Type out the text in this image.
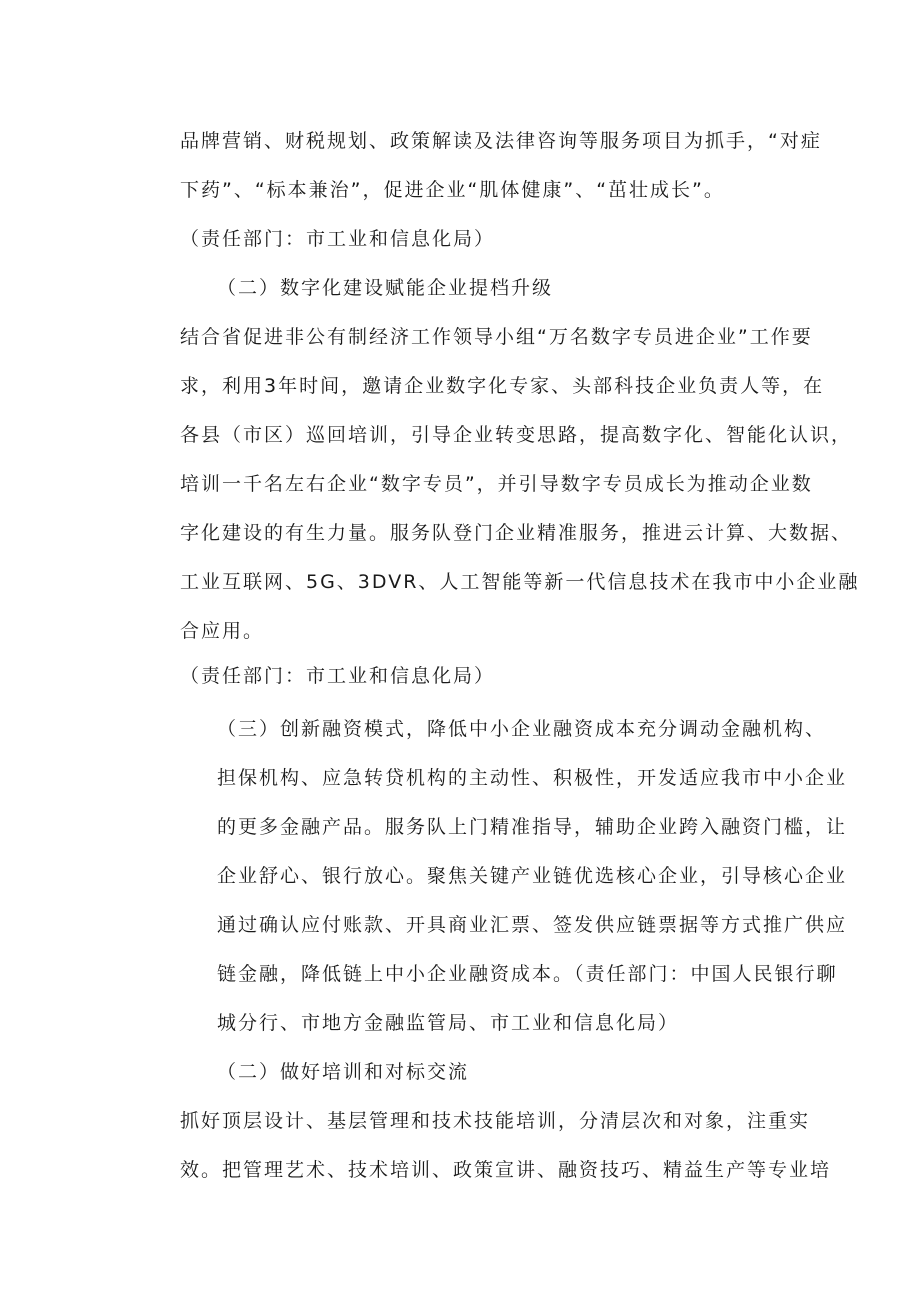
品牌营销、财税规划、政策解读及法律咨询等服务项目为抓手，“对症

下药”、“标本兼治”，促进企业“肌体健康”、“茁壮成长”。

（责任部门：市工业和信息化局）

（二）数字化建设赋能企业提档升级

结合省促进非公有制经济工作领导小组“万名数字专员进企业”工作要

求，利用3年时间，邀请企业数字化专家、头部科技企业负责人等，在

各县（市区）巡回培训，引导企业转变思路，提高数字化、智能化认识，

培训一千名左右企业“数字专员”，并引导数字专员成长为推动企业数

字化建设的有生力量。服务队登门企业精准服务，推进云计算、大数据、

工业互联网、5G、3DVR、人工智能等新一代信息技术在我市中小企业融

合应用。

（责任部门：市工业和信息化局）

（三）创新融资模式，降低中小企业融资成本充分调动金融机构、

担保机构、应急转贷机构的主动性、积极性，开发适应我市中小企业

的更多金融产品。服务队上门精准指导，辅助企业跨入融资门槛，让

企业舒心、银行放心。聚焦关键产业链优选核心企业，引导核心企业

通过确认应付账款、开具商业汇票、签发供应链票据等方式推广供应

链金融，降低链上中小企业融资成本。（责任部门：中国人民银行聊

城分行、市地方金融监管局、市工业和信息化局）

（二）做好培训和对标交流

抓好顶层设计、基层管理和技术技能培训，分清层次和对象，注重实

效。把管理艺术、技术培训、政策宣讲、融资技巧、精益生产等专业培
